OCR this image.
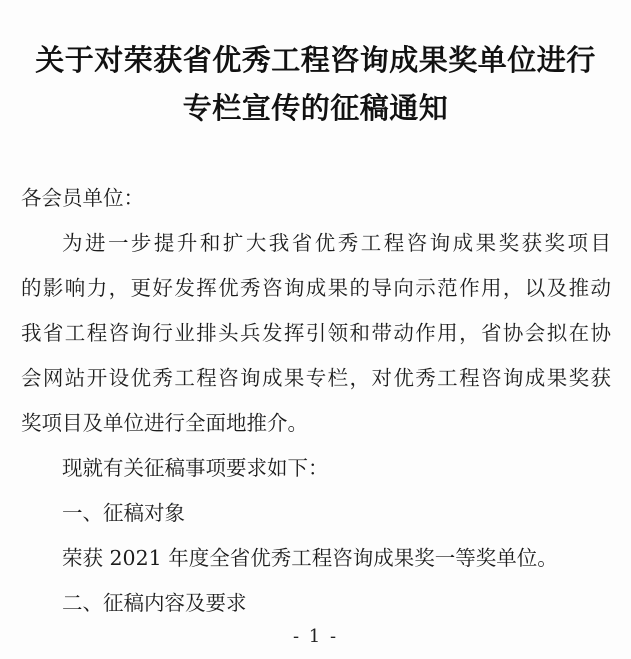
关于对荣获省优秀工程咨询成果奖单位进行
专栏宣传的征稿通知
各会员单位：
为进一步提升和扩大我省优秀工程咨询成果奖获奖项目
的影响力，更好发挥优秀咨询成果的导向示范作用，以及推动
我省工程咨询行业排头兵发挥引领和带动作用，省协会拟在协
会网站开设优秀工程咨询成果专栏，对优秀工程咨询成果奖获
奖项目及单位进行全面地推介。
现就有关征稿事项要求如下：
一、征稿对象
荣获 2021 年度全省优秀工程咨询成果奖一等奖单位。
二、征稿内容及要求
- 1 -
